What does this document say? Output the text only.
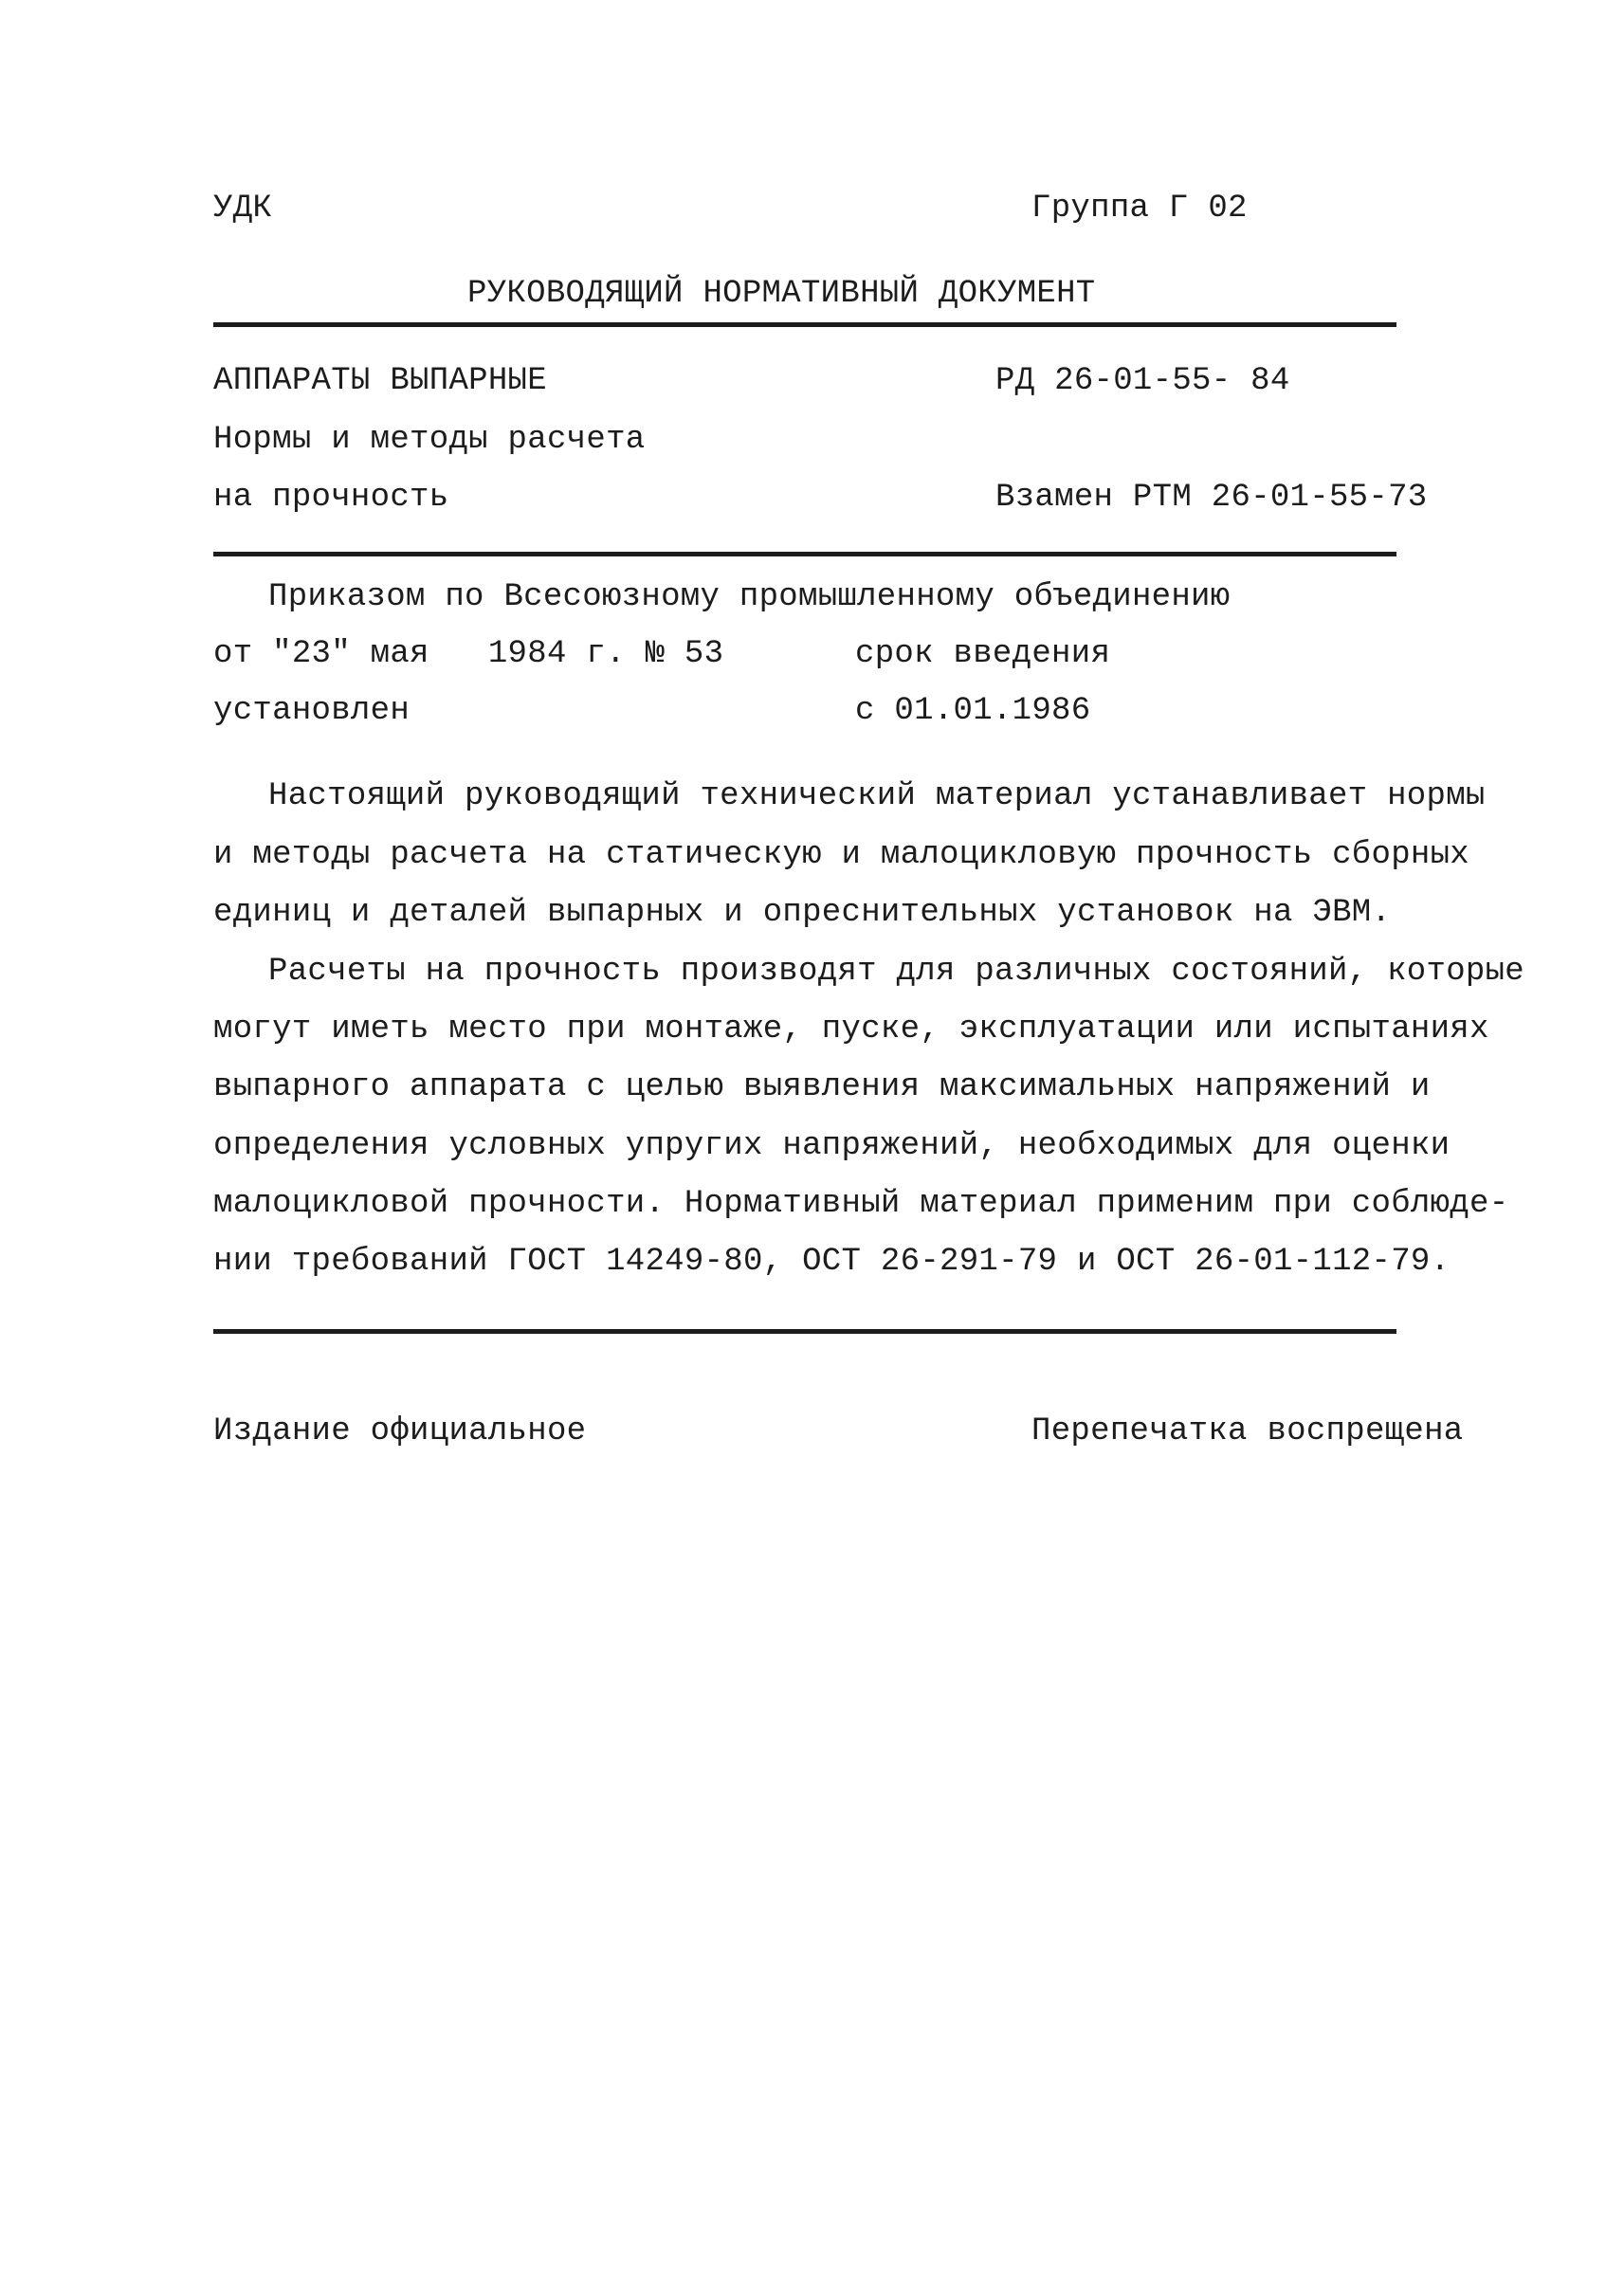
УДК	Группа Г 02
РУКОВОДЯЩИЙ НОРМАТИВНЫЙ ДОКУМЕНТ
АППАРАТЫ ВЫПАРНЫЕ	РД 26-01-55- 84
Нормы и методы расчета
на прочность	Взамен РТМ 26-01-55-73
Приказом по Всесоюзному промышленному объединению
от "23" мая   1984 г. № 53	срок введения
установлен	с 01.01.1986
Настоящий руководящий технический материал устанавливает нормы
и методы расчета на статическую и малоцикловую прочность сборных
единиц и деталей выпарных и опреснительных установок на ЭВМ.
Расчеты на прочность производят для различных состояний, которые
могут иметь место при монтаже, пуске, эксплуатации или испытаниях
выпарного аппарата с целью выявления максимальных напряжений и
определения условных упругих напряжений, необходимых для оценки
малоцикловой прочности. Нормативный материал применим при соблюде-
нии требований ГОСТ 14249-80, ОСТ 26-291-79 и ОСТ 26-01-112-79.
Издание официальное	Перепечатка воспрещена
